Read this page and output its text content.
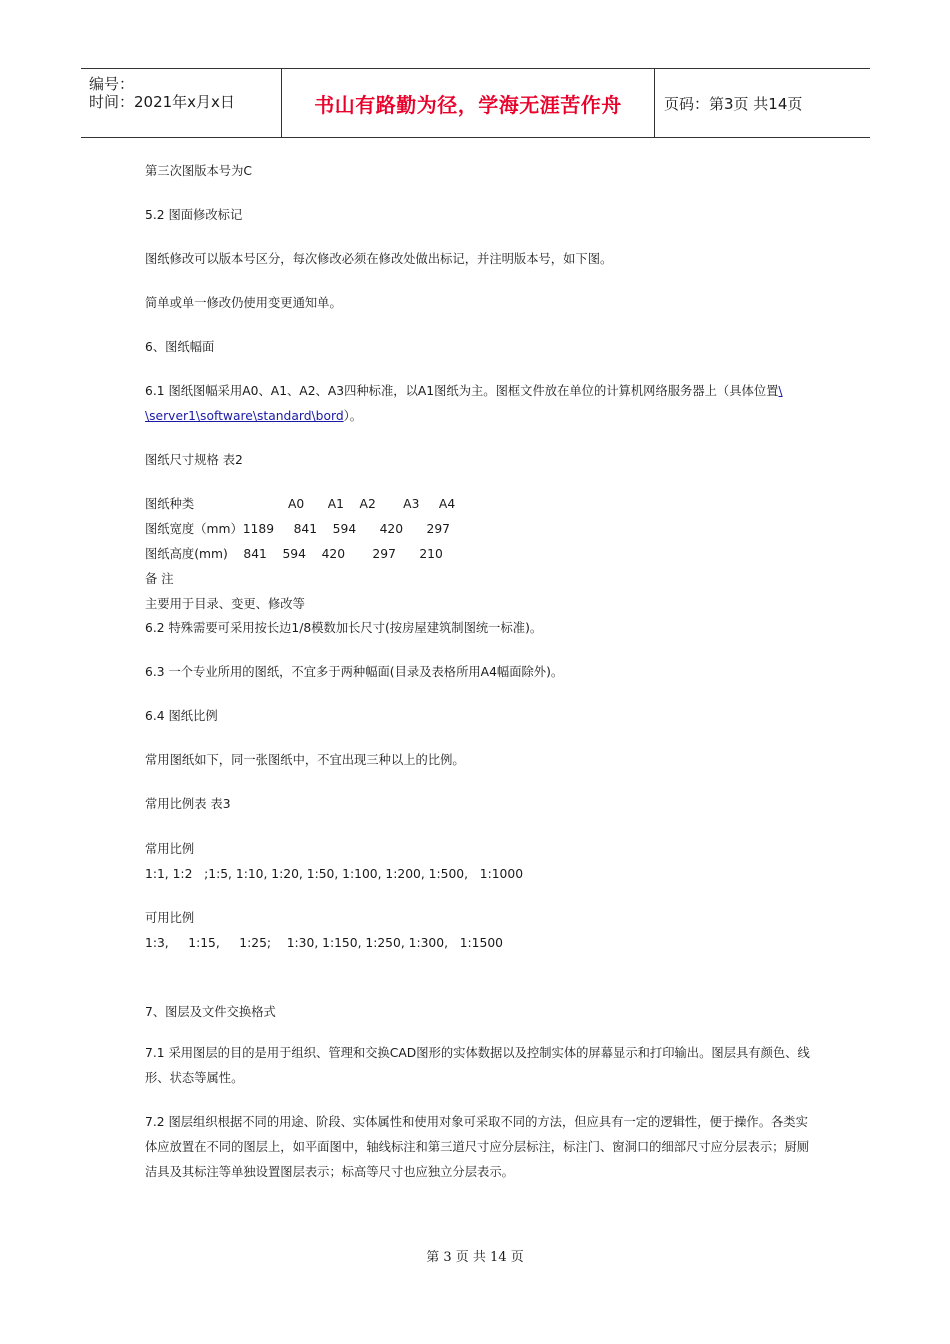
编号：
时间：2021年x月x日	书山有路勤为径，学海无涯苦作舟	页码：第3页 共14页
第三次图版本号为C
5.2 图面修改标记
图纸修改可以版本号区分，每次修改必须在修改处做出标记，并注明版本号，如下图。
简单或单一修改仍使用变更通知单。
6、图纸幅面
6.1 图纸图幅采用A0、A1、A2、A3四种标准，以A1图纸为主。图框文件放在单位的计算机网络服务器上（具体位置\
\server1\software\standard\bord）。
图纸尺寸规格 表2
图纸种类                        A0      A1    A2       A3     A4
图纸宽度（mm）1189     841    594      420      297
图纸高度(mm)    841    594    420       297      210
备 注
主要用于目录、变更、修改等
6.2 特殊需要可采用按长边1/8模数加长尺寸(按房屋建筑制图统一标准)。
6.3 一个专业所用的图纸，不宜多于两种幅面(目录及表格所用A4幅面除外)。
6.4 图纸比例
常用图纸如下，同一张图纸中，不宜出现三种以上的比例。
常用比例表 表3
常用比例
1:1, 1:2   ;1:5, 1:10, 1:20, 1:50, 1:100, 1:200, 1:500,   1:1000
可用比例
1:3,     1:15,     1:25;    1:30, 1:150, 1:250, 1:300,   1:1500
7、图层及文件交换格式
7.1 采用图层的目的是用于组织、管理和交换CAD图形的实体数据以及控制实体的屏幕显示和打印输出。图层具有颜色、线形、状态等属性。
7.2 图层组织根据不同的用途、阶段、实体属性和使用对象可采取不同的方法，但应具有一定的逻辑性，便于操作。各类实体应放置在不同的图层上，如平面图中，轴线标注和第三道尺寸应分层标注，标注门、窗洞口的细部尺寸应分层表示；厨厕洁具及其标注等单独设置图层表示；标高等尺寸也应独立分层表示。
第 3 页 共 14 页
